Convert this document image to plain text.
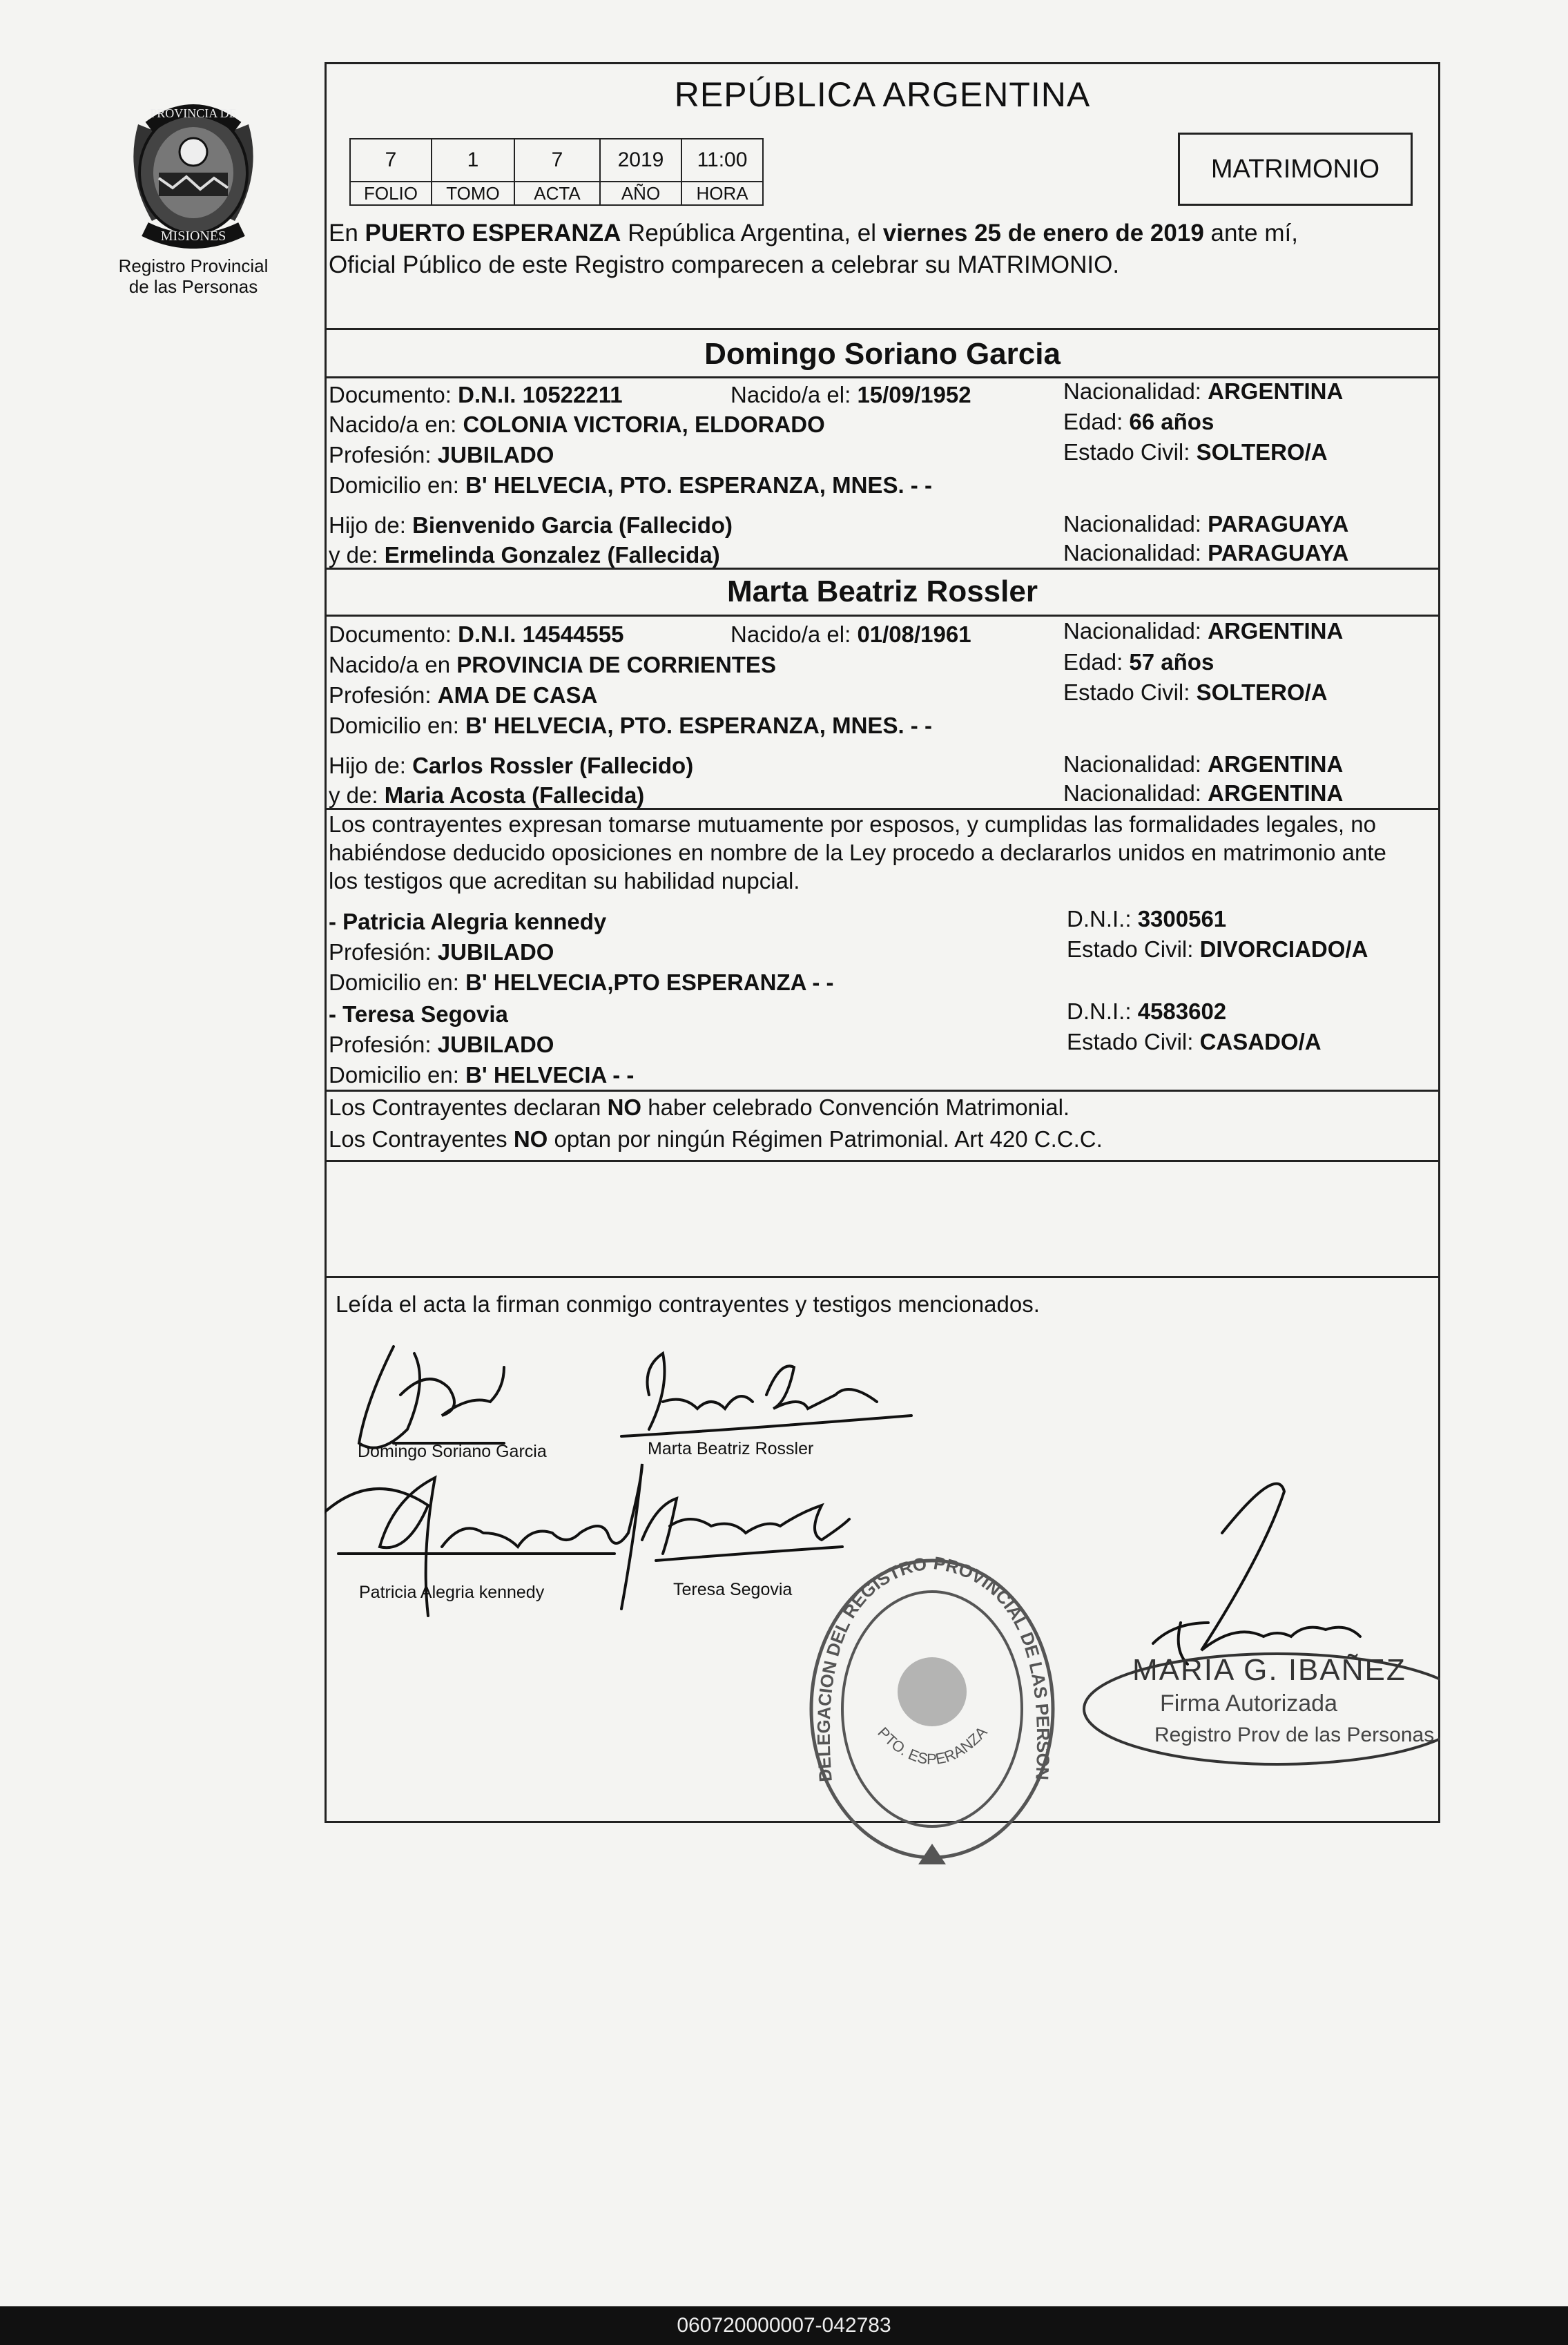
PROVINCIA DE
MISIONES
Registro Provincial
de las Personas
REPÚBLICA ARGENTINA
7	1	7	2019	11:00
FOLIO	TOMO	ACTA	AÑO	HORA
MATRIMONIO
En PUERTO ESPERANZA República Argentina, el viernes 25 de enero de 2019 ante mí,
Oficial Público de este Registro comparecen a celebrar su MATRIMONIO.
Domingo Soriano Garcia
Documento: D.N.I. 10522211	Nacido/a el: 15/09/1952	Nacionalidad: ARGENTINA
Nacido/a en: COLONIA VICTORIA, ELDORADO	Edad: 66 años
Profesión: JUBILADO	Estado Civil: SOLTERO/A
Domicilio en: B' HELVECIA, PTO. ESPERANZA, MNES. - -
Hijo de: Bienvenido Garcia (Fallecido)	Nacionalidad: PARAGUAYA
y de: Ermelinda Gonzalez (Fallecida)	Nacionalidad: PARAGUAYA
Marta Beatriz Rossler
Documento: D.N.I. 14544555	Nacido/a el: 01/08/1961	Nacionalidad: ARGENTINA
Nacido/a en PROVINCIA DE CORRIENTES	Edad: 57 años
Profesión: AMA DE CASA	Estado Civil: SOLTERO/A
Domicilio en: B' HELVECIA, PTO. ESPERANZA, MNES. - -
Hijo de: Carlos Rossler (Fallecido)	Nacionalidad: ARGENTINA
y de: Maria Acosta (Fallecida)	Nacionalidad: ARGENTINA
Los contrayentes expresan tomarse mutuamente por esposos, y cumplidas las formalidades legales, no
habiéndose deducido oposiciones en nombre de la Ley procedo a declararlos unidos en matrimonio ante
los testigos que acreditan su habilidad nupcial.
- Patricia Alegria kennedy	D.N.I.: 3300561
Profesión: JUBILADO	Estado Civil: DIVORCIADO/A
Domicilio en: B' HELVECIA,PTO ESPERANZA - -
- Teresa Segovia	D.N.I.: 4583602
Profesión: JUBILADO	Estado Civil: CASADO/A
Domicilio en: B' HELVECIA - -
Los Contrayentes declaran NO haber celebrado Convención Matrimonial.
Los Contrayentes NO optan por ningún Régimen Patrimonial. Art 420 C.C.C.
Leída el acta la firman conmigo contrayentes y testigos mencionados.
Domingo Soriano Garcia	Marta Beatriz Rossler
Patricia Alegria kennedy	Teresa Segovia
DELEGACION DEL REGISTRO PROVINCIAL DE LAS PERSON
PTO. ESPERANZA
MARIA G. IBAÑEZ
Firma Autorizada
Registro Prov de las Personas
060720000007-042783
